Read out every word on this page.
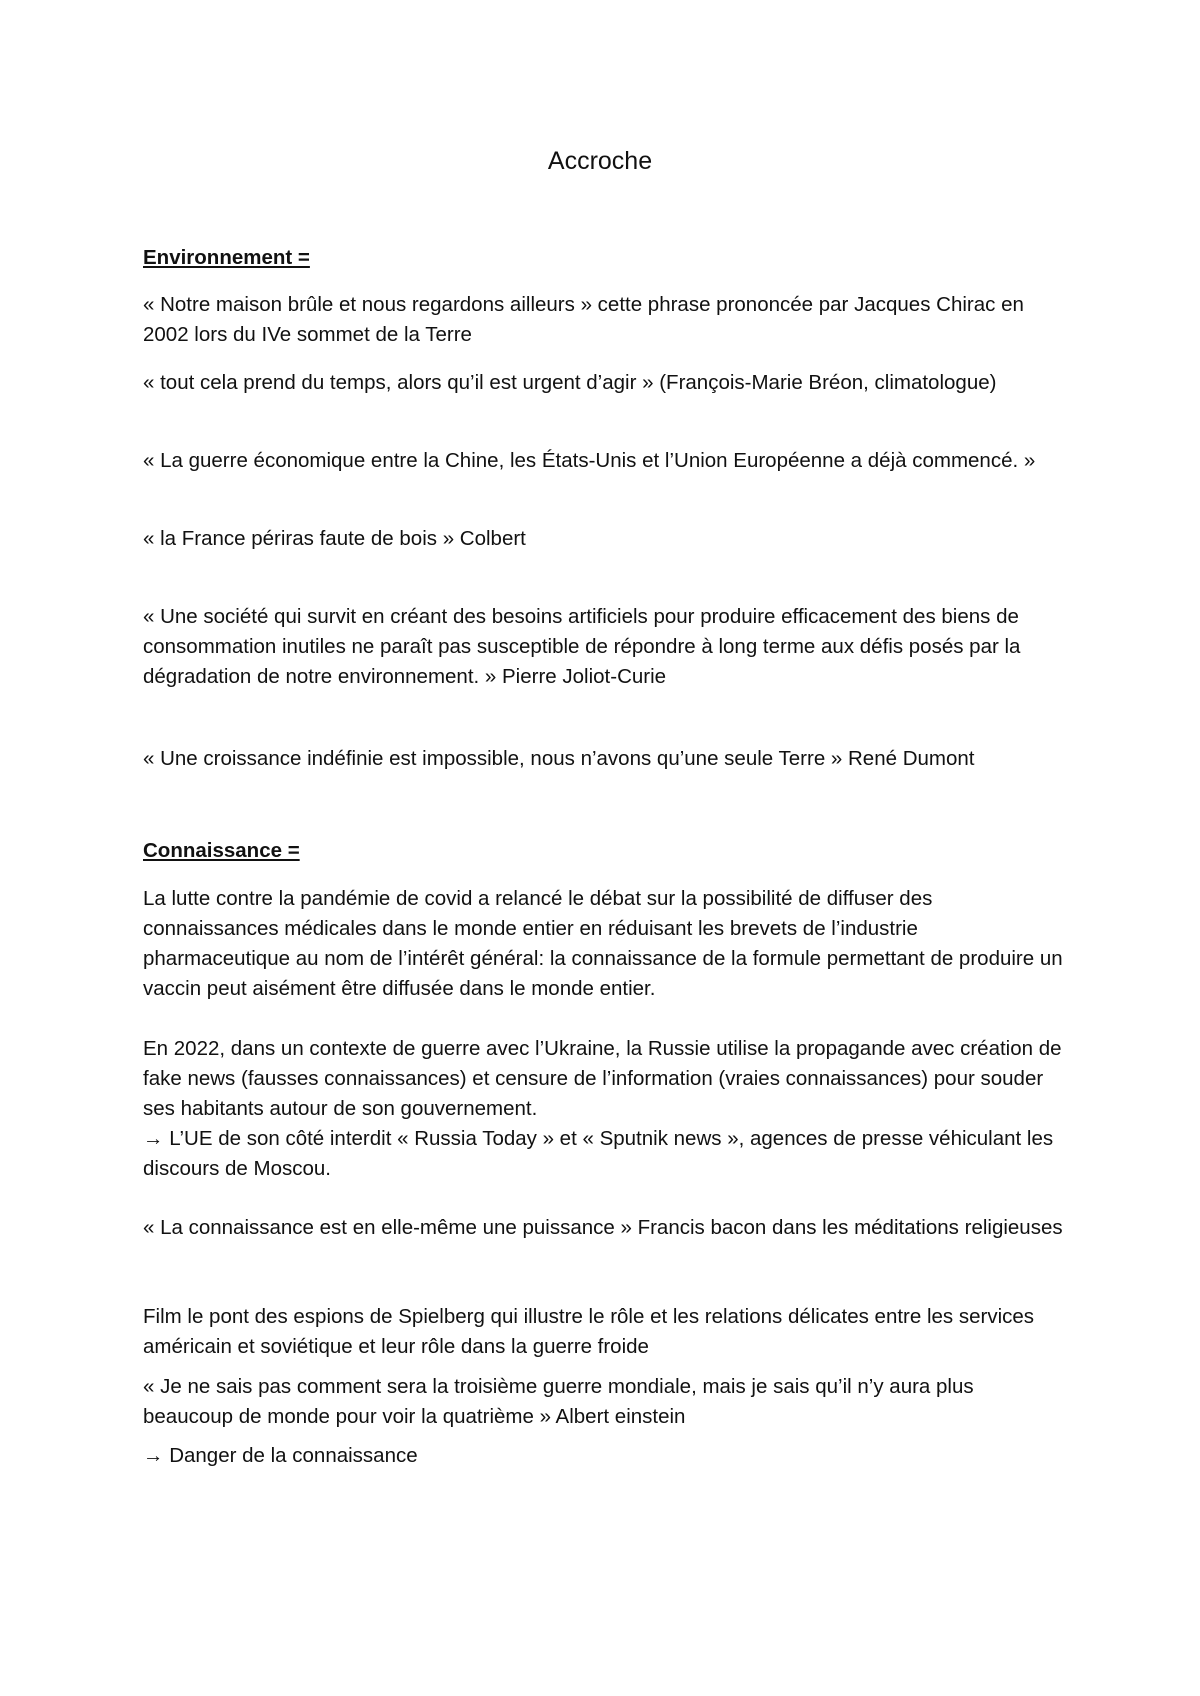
Accroche

Environnement =

« Notre maison brûle et nous regardons ailleurs » cette phrase prononcée par Jacques Chirac en 2002 lors du IVe sommet de la Terre

« tout cela prend du temps, alors qu’il est urgent d’agir » (François-Marie Bréon, climatologue)

« La guerre économique entre la Chine, les États-Unis et l’Union Européenne a déjà commencé. »

« la France périras faute de bois » Colbert

« Une société qui survit en créant des besoins artificiels pour produire efficacement des biens de consommation inutiles ne paraît pas susceptible de répondre à long terme aux défis posés par la dégradation de notre environnement. » Pierre Joliot-Curie

« Une croissance indéfinie est impossible, nous n’avons qu’une seule Terre » René Dumont

Connaissance =

La lutte contre la pandémie de covid a relancé le débat sur la possibilité de diffuser des connaissances médicales dans le monde entier en réduisant les brevets de l’industrie pharmaceutique au nom de l’intérêt général: la connaissance de la formule permettant de produire un vaccin peut aisément être diffusée dans le monde entier.

En 2022, dans un contexte de guerre avec l’Ukraine, la Russie utilise la propagande avec création de fake news (fausses connaissances) et censure de l’information (vraies connaissances) pour souder ses habitants autour de son gouvernement.

→ L’UE de son côté interdit « Russia Today » et « Sputnik news », agences de presse véhiculant les discours de Moscou.

« La connaissance est en elle-même une puissance » Francis bacon dans les méditations religieuses

Film le pont des espions de Spielberg qui illustre le rôle et les relations délicates entre les services américain et soviétique et leur rôle dans la guerre froide

« Je ne sais pas comment sera la troisième guerre mondiale, mais je sais qu’il n’y aura plus beaucoup de monde pour voir la quatrième » Albert einstein

→ Danger de la connaissance
